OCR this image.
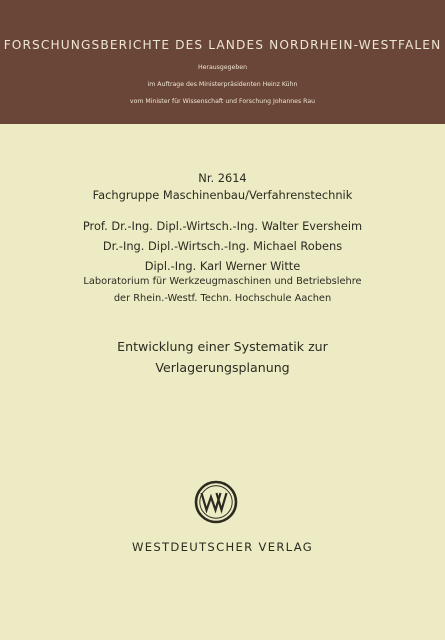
FORSCHUNGSBERICHTE DES LANDES NORDRHEIN-WESTFALEN
Herausgegeben
im Auftrage des Ministerpräsidenten Heinz Kühn
vom Minister für Wissenschaft und Forschung Johannes Rau
Nr. 2614
Fachgruppe Maschinenbau/Verfahrenstechnik
Prof. Dr.-Ing. Dipl.-Wirtsch.-Ing. Walter Eversheim
Dr.-Ing. Dipl.-Wirtsch.-Ing. Michael Robens
Dipl.-Ing. Karl Werner Witte
Laboratorium für Werkzeugmaschinen und Betriebslehre
der Rhein.-Westf. Techn. Hochschule Aachen
Entwicklung einer Systematik zur
Verlagerungsplanung
WESTDEUTSCHER VERLAG
